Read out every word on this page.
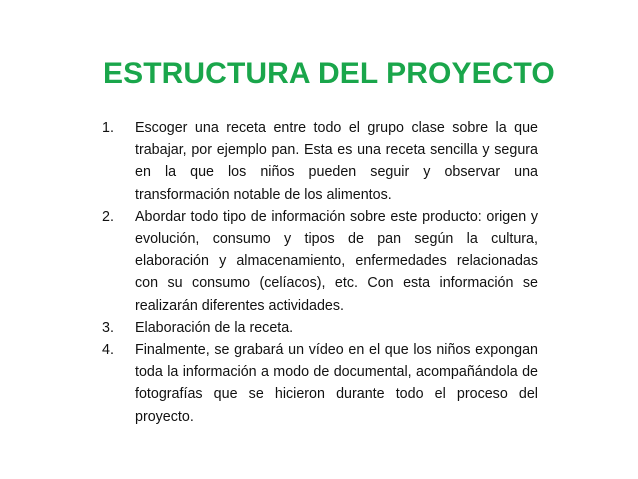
ESTRUCTURA DEL PROYECTO
1.	Escoger una receta entre todo el grupo clase sobre la que trabajar, por ejemplo pan. Esta es una receta sencilla y segura en la que los niños pueden seguir y observar una transformación notable de los alimentos.
2.	Abordar todo tipo de información sobre este producto: origen y evolución, consumo y tipos de pan según la cultura, elaboración y almacenamiento, enfermedades relacionadas con su consumo (celíacos), etc. Con esta información se realizarán diferentes actividades.
3.	Elaboración de la receta.
4.	Finalmente, se grabará un vídeo en el que los niños expongan toda la información a modo de documental, acompañándola de fotografías que se hicieron durante todo el proceso del proyecto.
